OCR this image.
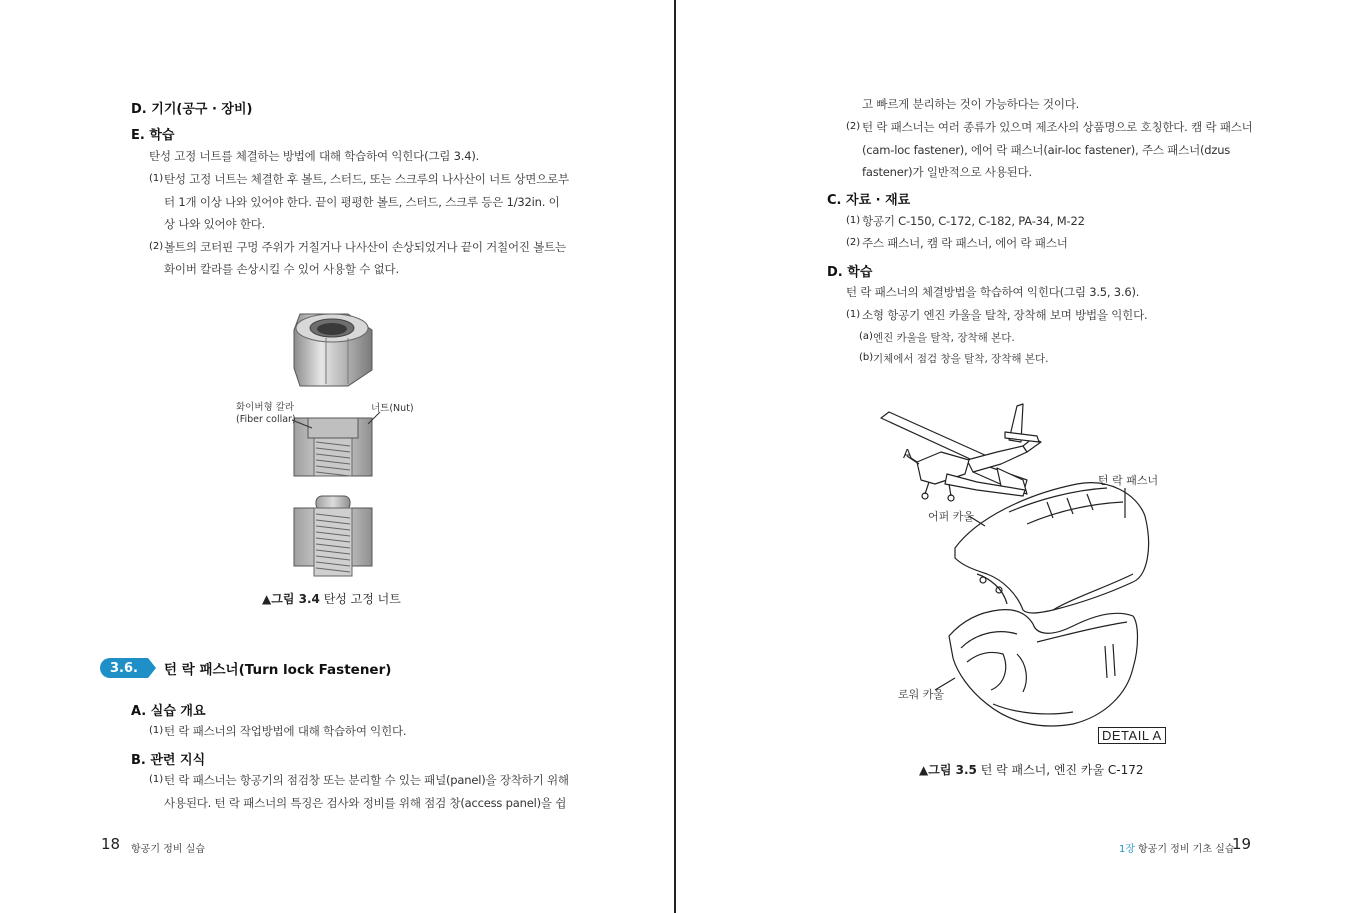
D. 기기(공구 · 장비)
E. 학습
탄성 고정 너트를 체결하는 방법에 대해 학습하여 익힌다(그림 3.4).
(1) 탄성 고정 너트는 체결한 후 볼트, 스터드, 또는 스크루의 나사산이 너트 상면으로부
터 1개 이상 나와 있어야 한다. 끝이 평평한 볼트, 스터드, 스크루 등은 1/32in. 이
상 나와 있어야 한다.
(2) 볼트의 코터핀 구멍 주위가 거칠거나 나사산이 손상되었거나 끝이 거칠어진 볼트는
화이버 칼라를 손상시킬 수 있어 사용할 수 없다.
화이버형 칼라
(Fiber collar)
너트(Nut)
▲그림 3.4 탄성 고정 너트
3.6.	턴 락 패스너(Turn lock Fastener)
A. 실습 개요
(1) 턴 락 패스너의 작업방법에 대해 학습하여 익힌다.
B. 관련 지식
(1) 턴 락 패스너는 항공기의 점검창 또는 분리할 수 있는 패널(panel)을 장착하기 위해
사용된다. 턴 락 패스너의 특징은 검사와 정비를 위해 점검 창(access panel)을 쉽
18 항공기 정비 실습
고 빠르게 분리하는 것이 가능하다는 것이다.
(2) 턴 락 패스너는 여러 종류가 있으며 제조사의 상품명으로 호칭한다. 캠 락 패스너
(cam-loc fastener), 에어 락 패스너(air-loc fastener), 주스 패스너(dzus
fastener)가 일반적으로 사용된다.
C. 자료 · 재료
(1) 항공기 C-150, C-172, C-182, PA-34, M-22
(2) 주스 패스너, 캠 락 패스너, 에어 락 패스너
D. 학습
턴 락 패스너의 체결방법을 학습하여 익힌다(그림 3.5, 3.6).
(1) 소형 항공기 엔진 카울을 탈착, 장착해 보며 방법을 익힌다.
(a) 엔진 카울을 탈착, 장착해 본다.
(b) 기체에서 점검 창을 탈착, 장착해 본다.
A
턴 락 패스너
어퍼 카울
로워 카울
DETAIL A
▲그림 3.5 턴 락 패스너, 엔진 카울 C-172
1장 항공기 정비 기초 실습
19
